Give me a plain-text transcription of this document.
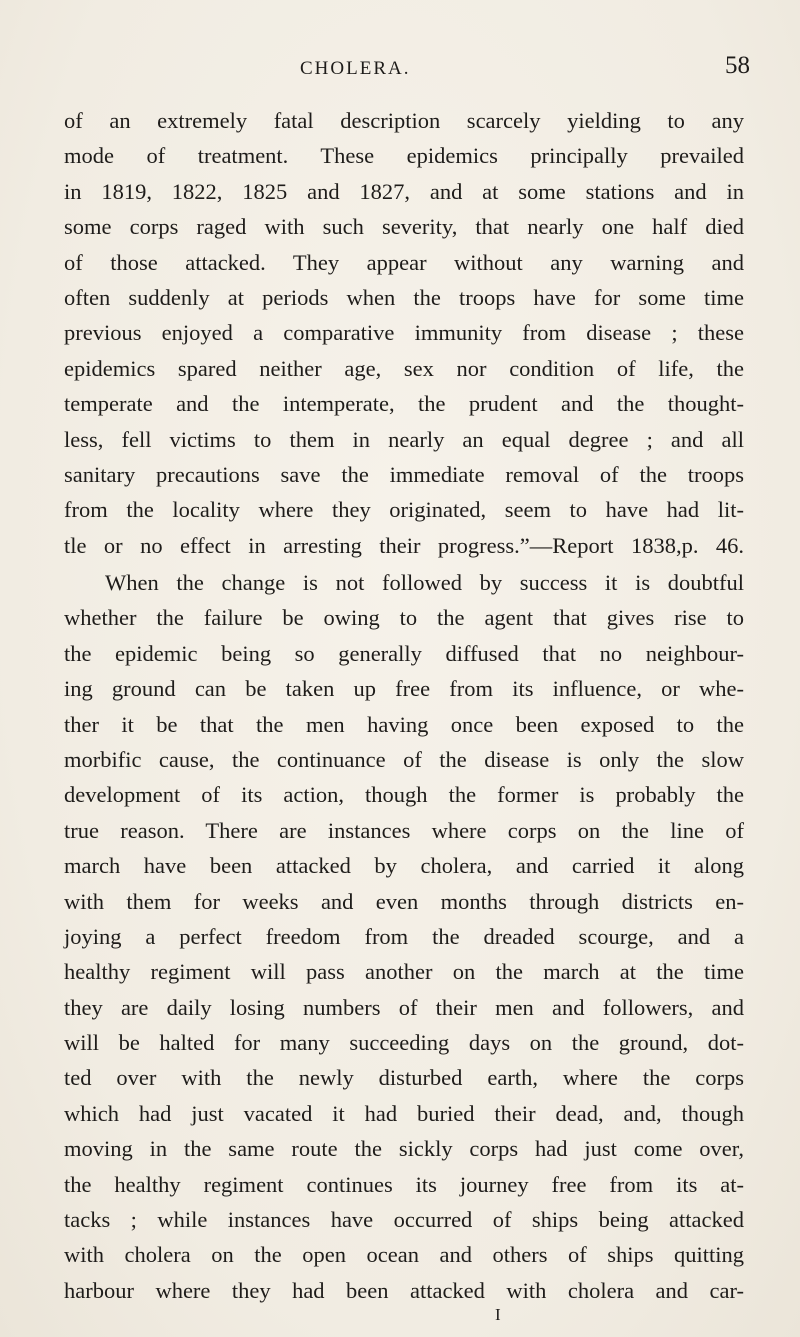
CHOLERA.	58
of an extremely fatal description scarcely yielding to any
mode of treatment. These epidemics principally prevailed
in 1819, 1822, 1825 and 1827, and at some stations and in
some corps raged with such severity, that nearly one half died
of those attacked. They appear without any warning and
often suddenly at periods when the troops have for some time
previous enjoyed a comparative immunity from disease ; these
epidemics spared neither age, sex nor condition of life, the
temperate and the intemperate, the prudent and the thought-
less, fell victims to them in nearly an equal degree ; and all
sanitary precautions save the immediate removal of the troops
from the locality where they originated, seem to have had lit-
tle or no effect in arresting their progress.”—Report 1838,p. 46.
When the change is not followed by success it is doubtful
whether the failure be owing to the agent that gives rise to
the epidemic being so generally diffused that no neighbour-
ing ground can be taken up free from its influence, or whe-
ther it be that the men having once been exposed to the
morbific cause, the continuance of the disease is only the slow
development of its action, though the former is probably the
true reason. There are instances where corps on the line of
march have been attacked by cholera, and carried it along
with them for weeks and even months through districts en-
joying a perfect freedom from the dreaded scourge, and a
healthy regiment will pass another on the march at the time
they are daily losing numbers of their men and followers, and
will be halted for many succeeding days on the ground, dot-
ted over with the newly disturbed earth, where the corps
which had just vacated it had buried their dead, and, though
moving in the same route the sickly corps had just come over,
the healthy regiment continues its journey free from its at-
tacks ; while instances have occurred of ships being attacked
with cholera on the open ocean and others of ships quitting
harbour where they had been attacked with cholera and car-
I
